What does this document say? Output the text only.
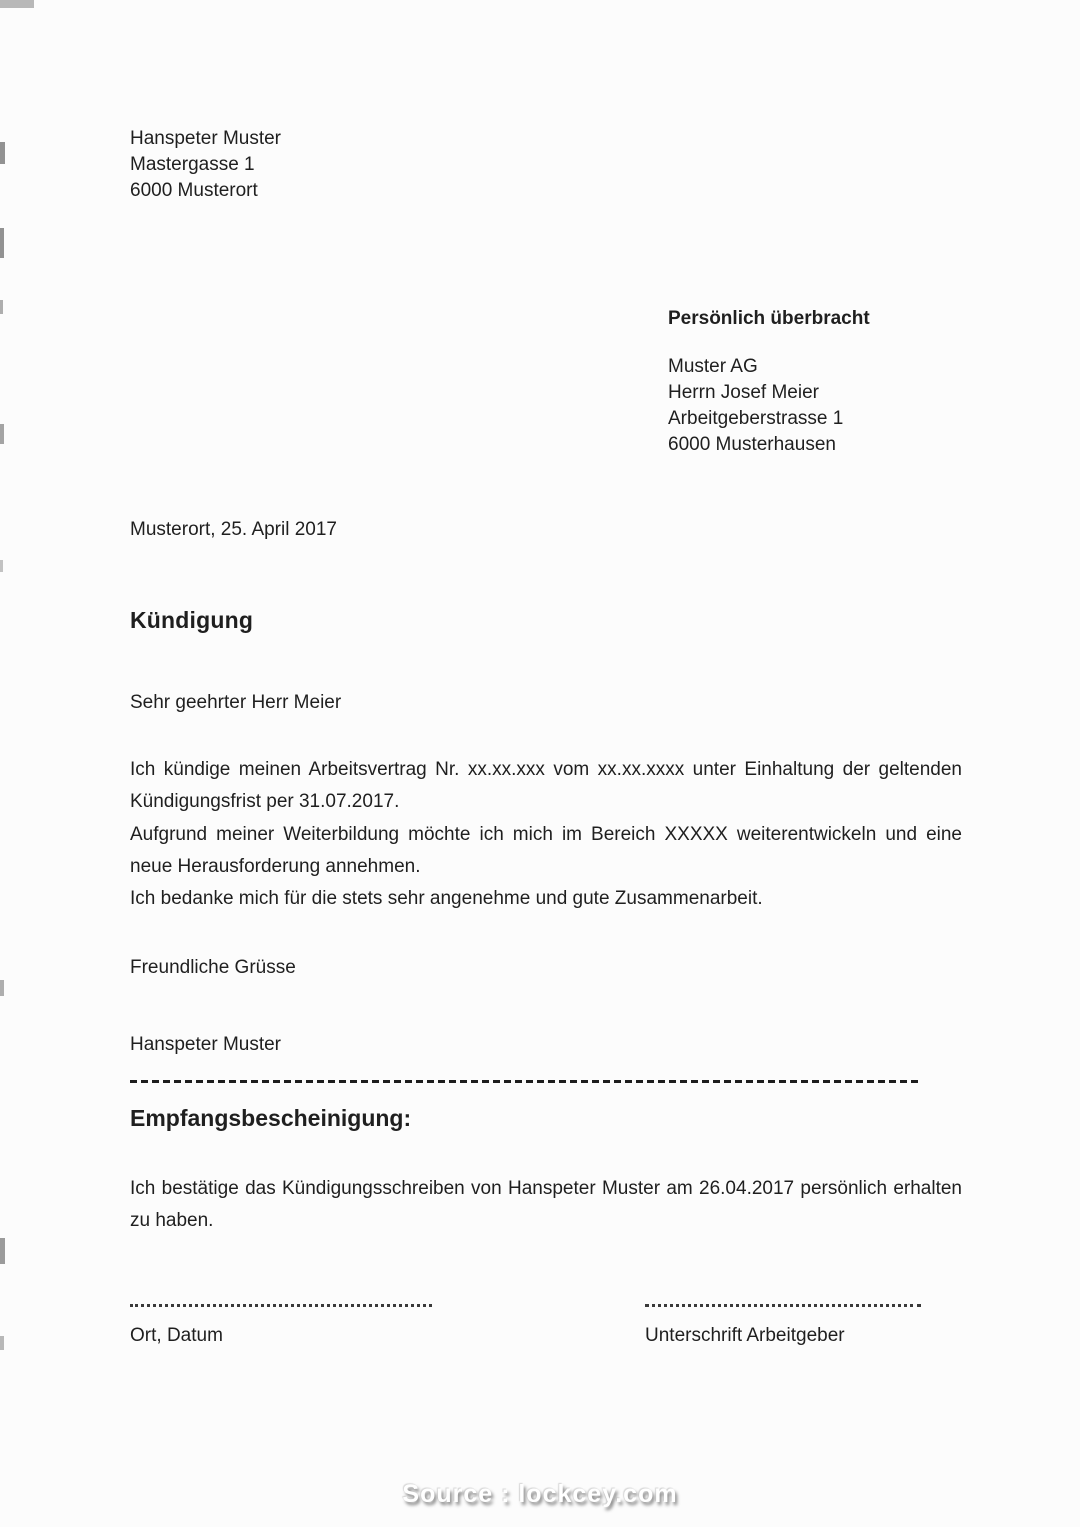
Hanspeter Muster
Mastergasse 1
6000 Musterort
Persönlich überbracht
Muster AG
Herrn Josef Meier
Arbeitgeberstrasse 1
6000 Musterhausen
Musterort, 25. April 2017
Kündigung
Sehr geehrter Herr Meier
Ich kündige meinen Arbeitsvertrag Nr. xx.xx.xxx vom xx.xx.xxxx unter Einhaltung der geltenden Kündigungsfrist per 31.07.2017.
Aufgrund meiner Weiterbildung möchte ich mich im Bereich XXXXX weiterentwickeln und eine neue Herausforderung annehmen.
Ich bedanke mich für die stets sehr angenehme und gute Zusammenarbeit.
Freundliche Grüsse
Hanspeter Muster
Empfangsbescheinigung:
Ich bestätige das Kündigungsschreiben von Hanspeter Muster am 26.04.2017 persönlich erhalten zu haben.
Ort, Datum	Unterschrift Arbeitgeber
Source : lockcey.com
